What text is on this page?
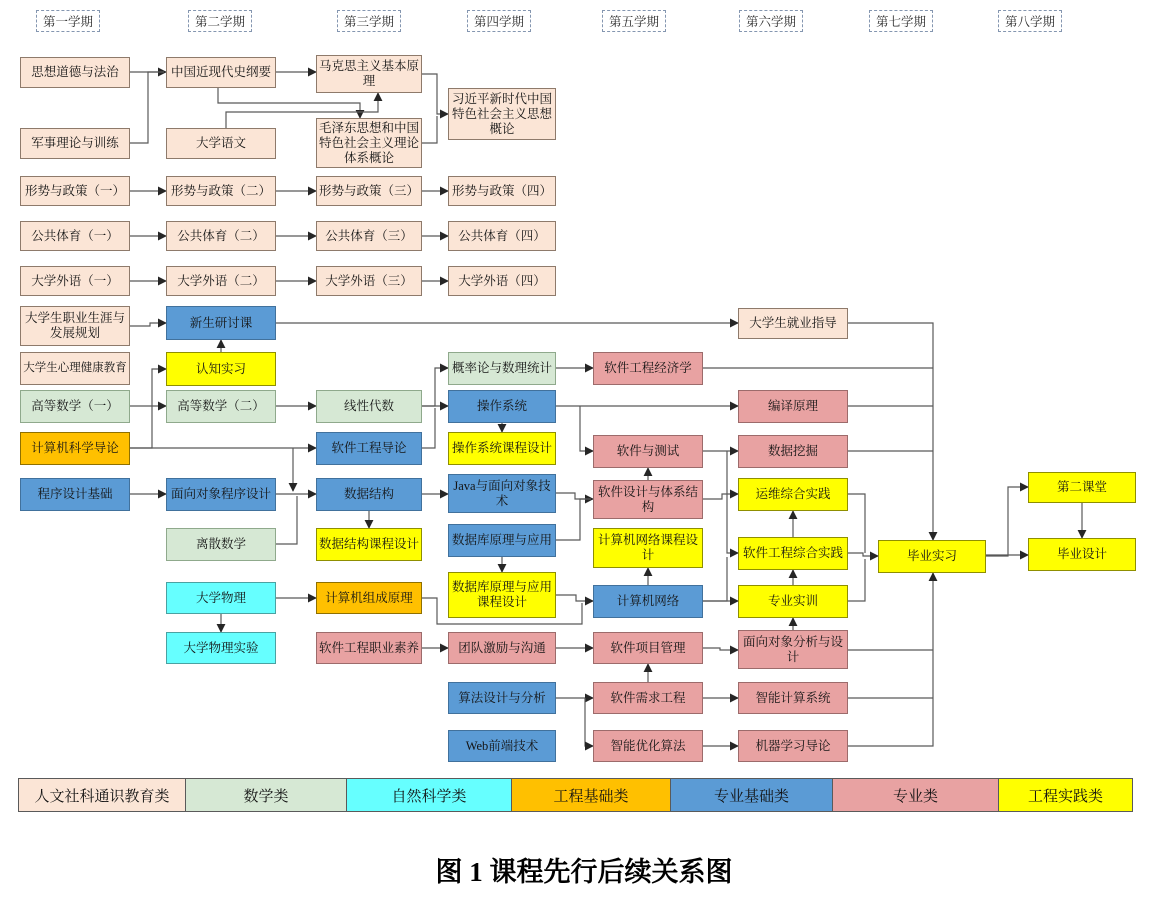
人文社科通识教育类	数学类	自然科学类	工程基础类	专业基础类	专业类	工程实践类
图 1 课程先行后续关系图
第一学期	第二学期	第三学期	第四学期	第五学期	第六学期	第七学期	第八学期
思想道德与法治
军事理论与训练
形势与政策（一）
公共体育（一）
大学外语（一）
大学生职业生涯与发展规划
大学生心理健康教育
高等数学（一）
计算机科学导论
程序设计基础
中国近现代史纲要
大学语文
形势与政策（二）
公共体育（二）
大学外语（二）
新生研讨课
认知实习
高等数学（二）
面向对象程序设计
离散数学
大学物理
大学物理实验
马克思主义基本原理
毛泽东思想和中国特色社会主义理论体系概论
形势与政策（三）
公共体育（三）
大学外语（三）
线性代数
软件工程导论
数据结构
数据结构课程设计
计算机组成原理
软件工程职业素养
习近平新时代中国特色社会主义思想概论
形势与政策（四）
公共体育（四）
大学外语（四）
概率论与数理统计
操作系统
操作系统课程设计
Java与面向对象技术
数据库原理与应用
数据库原理与应用课程设计
团队激励与沟通
算法设计与分析
Web前端技术
软件工程经济学
软件与测试
软件设计与体系结构
计算机网络课程设计
计算机网络
软件项目管理
软件需求工程
智能优化算法
大学生就业指导
编译原理
数据挖掘
运维综合实践
软件工程综合实践
专业实训
面向对象分析与设计
智能计算系统
机器学习导论
毕业实习
第二课堂
毕业设计
